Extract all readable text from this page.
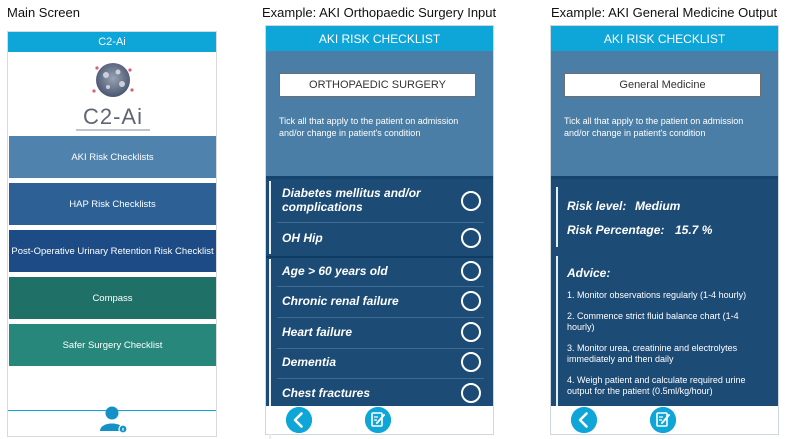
Main Screen	Example: AKI Orthopaedic Surgery Input	Example: AKI General Medicine Output
C2-Ai
C2-Ai
AKI Risk Checklists
HAP Risk Checklists
Post-Operative Urinary Retention Risk Checklist
Compass
Safer Surgery Checklist
AKI RISK CHECKLIST
ORTHOPAEDIC SURGERY
Tick all that apply to the patient on admission and/or change in patient's condition
Diabetes mellitus and/or complications
OH Hip
Age > 60 years old
Chronic renal failure
Heart failure
Dementia
Chest fractures
AKI RISK CHECKLIST
General Medicine
Tick all that apply to the patient on admission and/or change in patient's condition
Risk level: Medium
Risk Percentage: 15.7 %
Advice:
1. Monitor observations regularly (1-4 hourly)
2. Commence strict fluid balance chart (1-4 hourly)
3. Monitor urea, creatinine and electrolytes immediately and then daily
4. Weigh patient and calculate required urine output for the patient (0.5ml/kg/hour)
